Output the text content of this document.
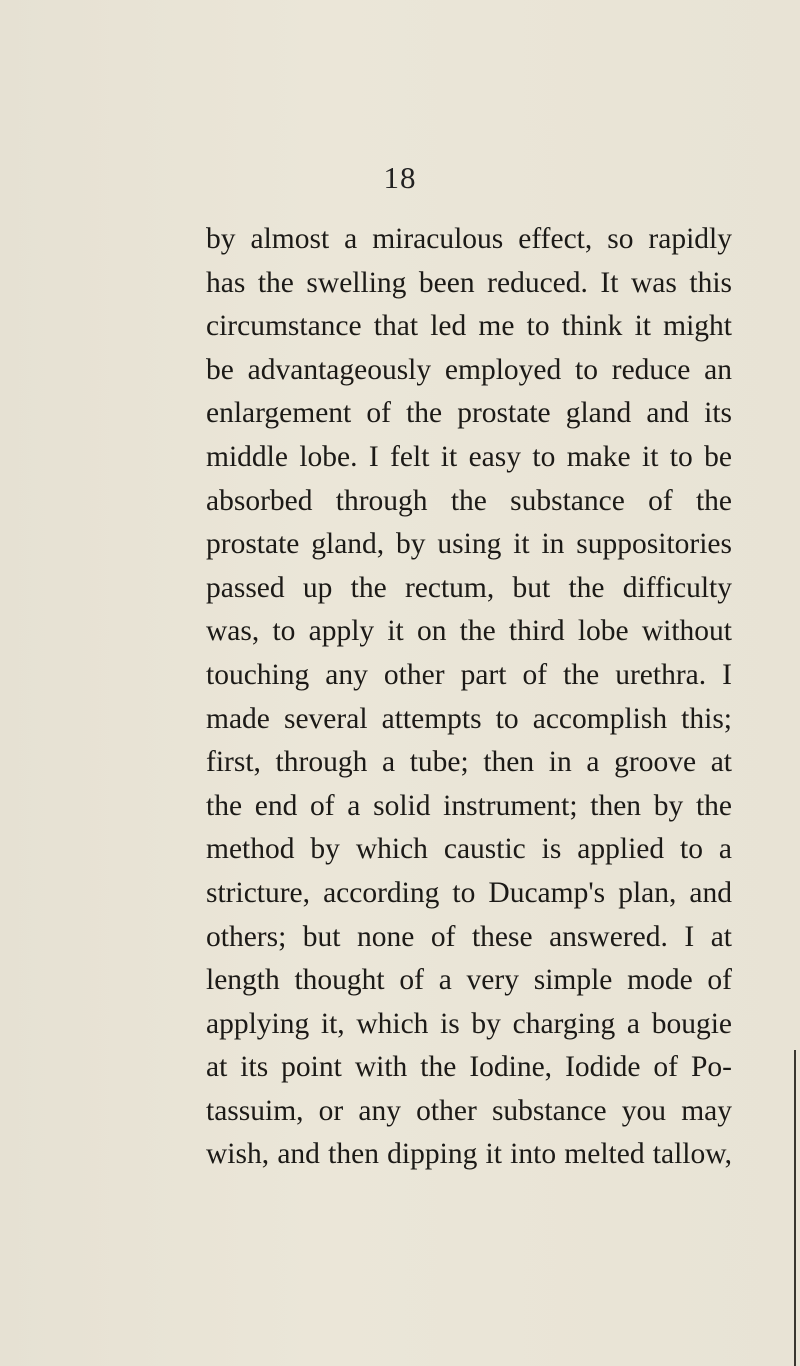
18
by almost a miraculous effect, so rapidly
has the swelling been reduced. It was this
circumstance that led me to think it might
be advantageously employed to reduce an
enlargement of the prostate gland and its
middle lobe. I felt it easy to make it to be
absorbed through the substance of the
prostate gland, by using it in suppositories
passed up the rectum, but the difficulty
was, to apply it on the third lobe without
touching any other part of the urethra. I
made several attempts to accomplish this;
first, through a tube; then in a groove at
the end of a solid instrument; then by the
method by which caustic is applied to a
stricture, according to Ducamp's plan, and
others; but none of these answered. I at
length thought of a very simple mode of
applying it, which is by charging a bougie
at its point with the Iodine, Iodide of Po-
tassuim, or any other substance you may
wish, and then dipping it into melted tallow,
